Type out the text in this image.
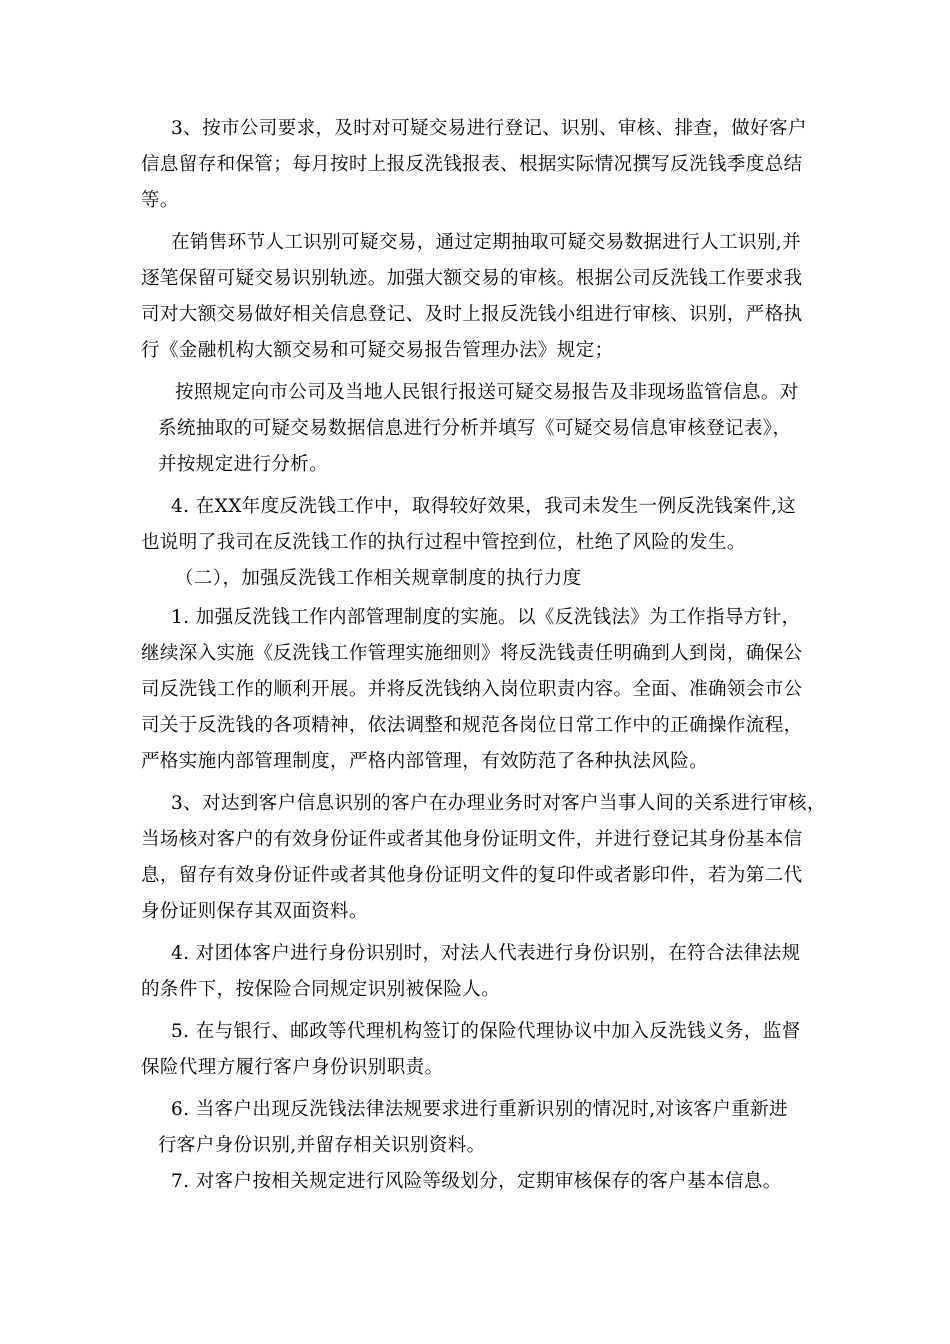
3、按市公司要求，及时对可疑交易进行登记、识别、审核、排查，做好客户
信息留存和保管；每月按时上报反洗钱报表、根据实际情况撰写反洗钱季度总结
等。
在销售环节人工识别可疑交易，通过定期抽取可疑交易数据进行人工识别,并
逐笔保留可疑交易识别轨迹。加强大额交易的审核。根据公司反洗钱工作要求我
司对大额交易做好相关信息登记、及时上报反洗钱小组进行审核、识别，严格执
行《金融机构大额交易和可疑交易报告管理办法》规定；
按照规定向市公司及当地人民银行报送可疑交易报告及非现场监管信息。对
系统抽取的可疑交易数据信息进行分析并填写《可疑交易信息审核登记表》，
并按规定进行分析。
4. 在XX年度反洗钱工作中，取得较好效果，我司未发生一例反洗钱案件,这
也说明了我司在反洗钱工作的执行过程中管控到位，杜绝了风险的发生。
（二），加强反洗钱工作相关规章制度的执行力度
1. 加强反洗钱工作内部管理制度的实施。以《反洗钱法》为工作指导方针，
继续深入实施《反洗钱工作管理实施细则》将反洗钱责任明确到人到岗，确保公
司反洗钱工作的顺利开展。并将反洗钱纳入岗位职责内容。全面、准确领会市公
司关于反洗钱的各项精神，依法调整和规范各岗位日常工作中的正确操作流程，
严格实施内部管理制度，严格内部管理，有效防范了各种执法风险。
3、对达到客户信息识别的客户在办理业务时对客户当事人间的关系进行审核，
当场核对客户的有效身份证件或者其他身份证明文件，并进行登记其身份基本信
息，留存有效身份证件或者其他身份证明文件的复印件或者影印件，若为第二代
身份证则保存其双面资料。
4. 对团体客户进行身份识别时，对法人代表进行身份识别，在符合法律法规
的条件下，按保险合同规定识别被保险人。
5. 在与银行、邮政等代理机构签订的保险代理协议中加入反洗钱义务，监督
保险代理方履行客户身份识别职责。
6. 当客户出现反洗钱法律法规要求进行重新识别的情况时,对该客户重新进
行客户身份识别,并留存相关识别资料。
7. 对客户按相关规定进行风险等级划分，定期审核保存的客户基本信息。
